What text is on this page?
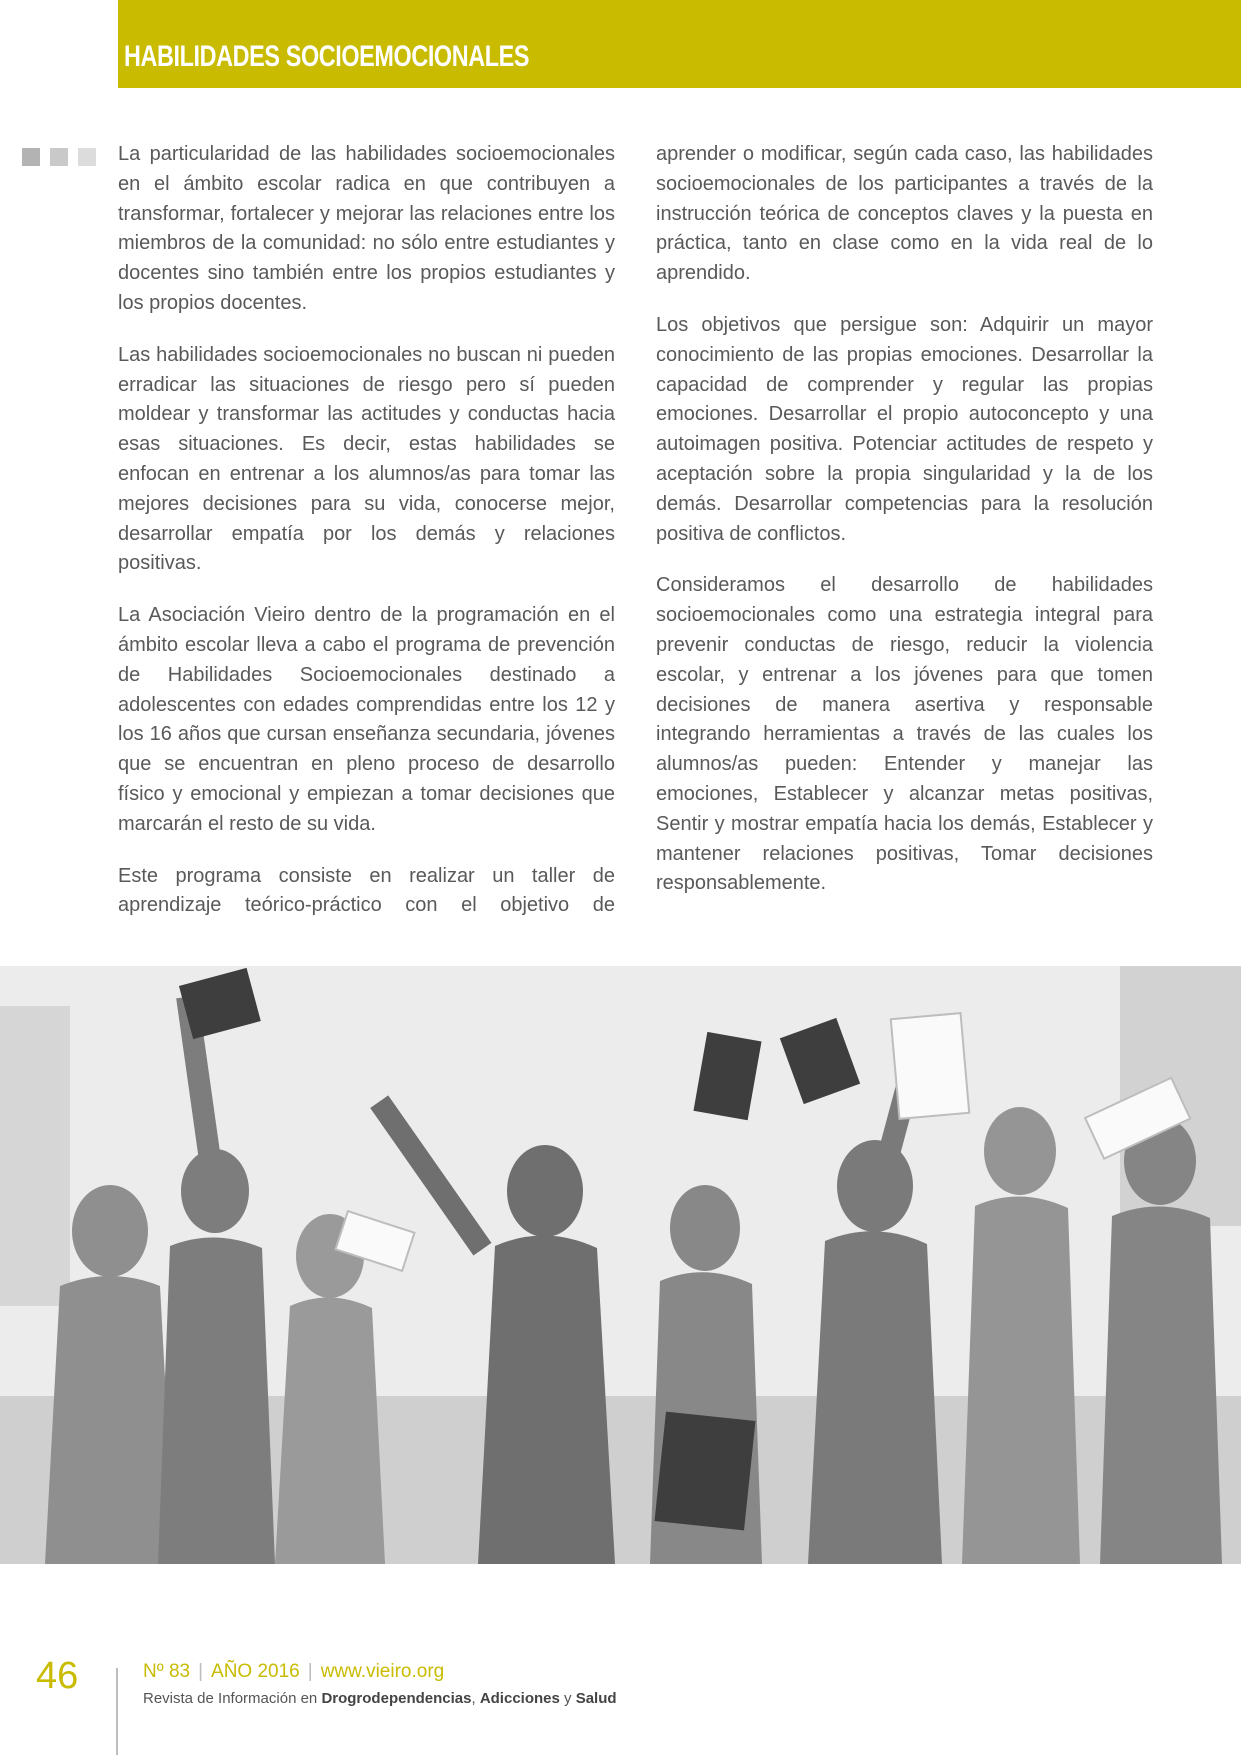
HABILIDADES SOCIOEMOCIONALES

La particularidad de las habilidades socioemocionales en el ámbito escolar radica en que contribuyen a transformar, fortalecer y mejorar las relaciones entre los miembros de la comunidad: no sólo entre estudiantes y docentes sino también entre los propios estudiantes y los propios docentes.

Las habilidades socioemocionales no buscan ni pueden erradicar las situaciones de riesgo pero sí pueden moldear y transformar las actitudes y conductas hacia esas situaciones. Es decir, estas habilidades se enfocan en entrenar a los alumnos/as para tomar las mejores decisiones para su vida, conocerse mejor, desarrollar empatía por los demás y relaciones positivas.

La Asociación Vieiro dentro de la programación en el ámbito escolar lleva a cabo el programa de prevención de Habilidades Socioemocionales destinado a adolescentes con edades comprendidas entre los 12 y los 16 años que cursan enseñanza secundaria, jóvenes que se encuentran en pleno proceso de desarrollo físico y emocional y empiezan a tomar decisiones que marcarán el resto de su vida.

Este programa consiste en realizar un taller de aprendizaje teórico-práctico con el objetivo de

aprender o modificar, según cada caso, las habilidades socioemocionales de los participantes a través de la instrucción teórica de conceptos claves y la puesta en práctica, tanto en clase como en la vida real de lo aprendido.

Los objetivos que persigue son: Adquirir un mayor conocimiento de las propias emociones. Desarrollar la capacidad de comprender y regular las propias emociones. Desarrollar el propio autoconcepto y una autoimagen positiva. Potenciar actitudes de respeto y aceptación sobre la propia singularidad y la de los demás. Desarrollar competencias para la resolución positiva de conflictos.

Consideramos el desarrollo de habilidades socioemocionales como una estrategia integral para prevenir conductas de riesgo, reducir la violencia escolar, y entrenar a los jóvenes para que tomen decisiones de manera asertiva y responsable integrando herramientas a través de las cuales los alumnos/as pueden: Entender y manejar las emociones, Establecer y alcanzar metas positivas, Sentir y mostrar empatía hacia los demás, Establecer y mantener relaciones positivas, Tomar decisiones responsablemente.

46	Nº 83 | AÑO 2016 | www.vieiro.org
Revista de Información en Drogrodependencias, Adicciones y Salud
